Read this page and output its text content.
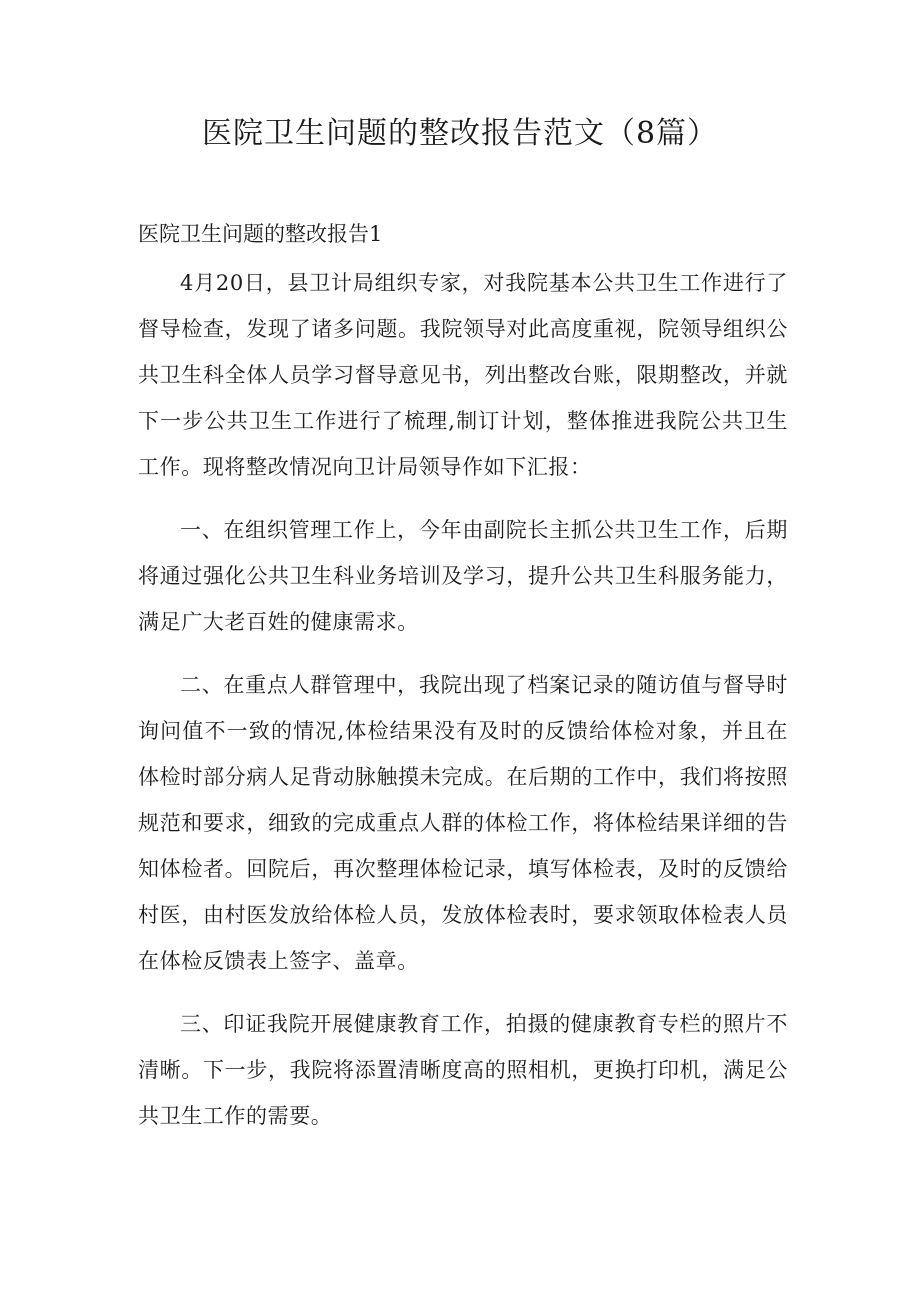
医院卫生问题的整改报告范文（8篇）
医院卫生问题的整改报告1

4月20日，县卫计局组织专家，对我院基本公共卫生工作进行了督导检查，发现了诸多问题。我院领导对此高度重视，院领导组织公共卫生科全体人员学习督导意见书，列出整改台账，限期整改，并就下一步公共卫生工作进行了梳理,制订计划，整体推进我院公共卫生工作。现将整改情况向卫计局领导作如下汇报：

一、在组织管理工作上，今年由副院长主抓公共卫生工作，后期将通过强化公共卫生科业务培训及学习，提升公共卫生科服务能力，满足广大老百姓的健康需求。

二、在重点人群管理中，我院出现了档案记录的随访值与督导时询问值不一致的情况,体检结果没有及时的反馈给体检对象，并且在体检时部分病人足背动脉触摸未完成。在后期的工作中，我们将按照规范和要求，细致的完成重点人群的体检工作，将体检结果详细的告知体检者。回院后，再次整理体检记录，填写体检表，及时的反馈给村医，由村医发放给体检人员，发放体检表时，要求领取体检表人员在体检反馈表上签字、盖章。

三、印证我院开展健康教育工作，拍摄的健康教育专栏的照片不清晰。下一步，我院将添置清晰度高的照相机，更换打印机，满足公共卫生工作的需要。
